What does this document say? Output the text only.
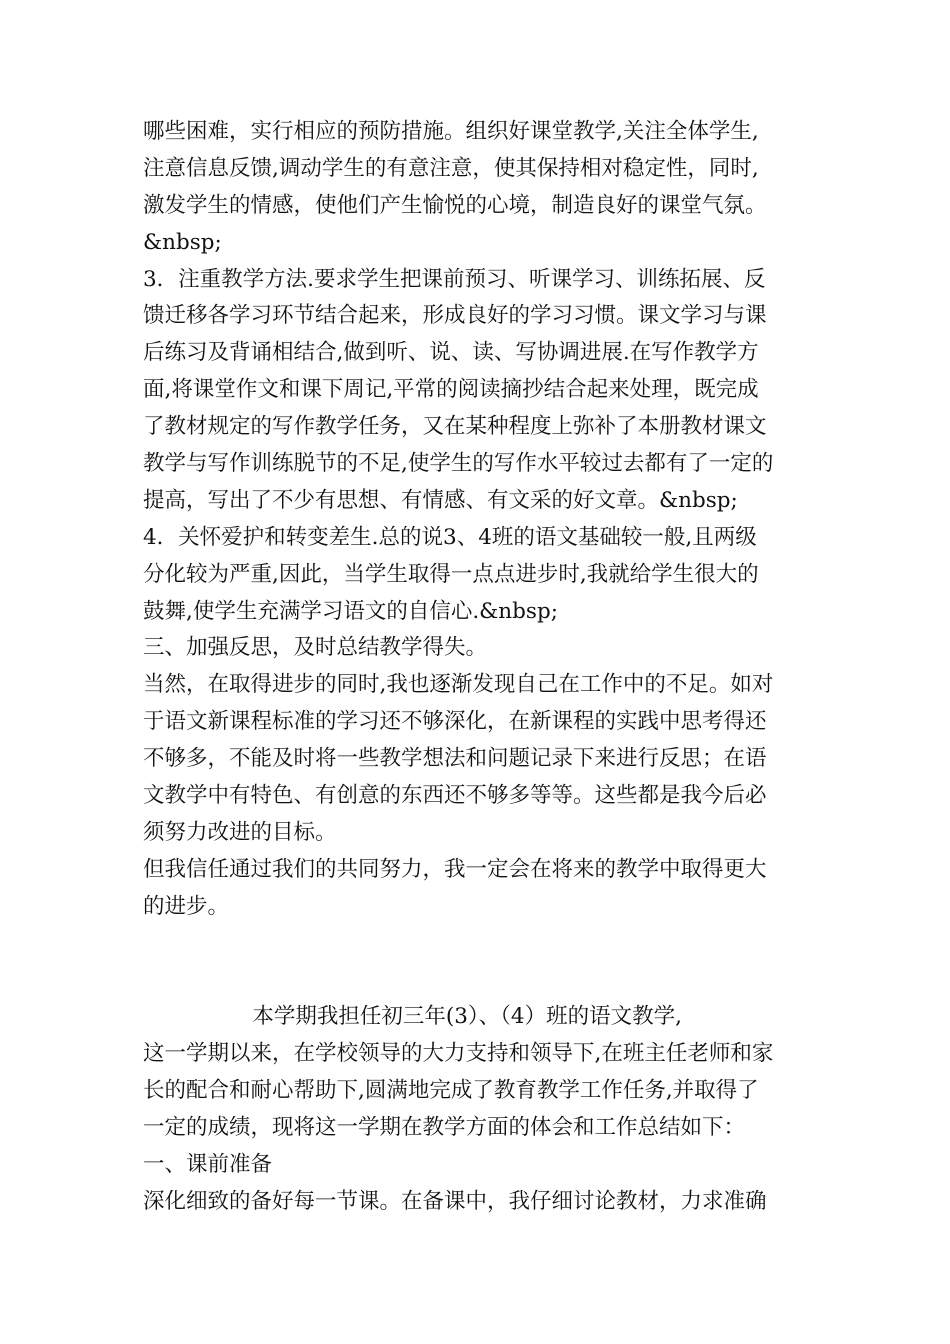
哪些困难，实行相应的预防措施。组织好课堂教学,关注全体学生,
注意信息反馈,调动学生的有意注意，使其保持相对稳定性，同时,
激发学生的情感，使他们产生愉悦的心境，制造良好的课堂气氛。
&nbsp;
3．注重教学方法.要求学生把课前预习、听课学习、训练拓展、反
馈迁移各学习环节结合起来，形成良好的学习习惯。课文学习与课
后练习及背诵相结合,做到听、说、读、写协调进展.在写作教学方
面,将课堂作文和课下周记,平常的阅读摘抄结合起来处理，既完成
了教材规定的写作教学任务，又在某种程度上弥补了本册教材课文
教学与写作训练脱节的不足,使学生的写作水平较过去都有了一定的
提高，写出了不少有思想、有情感、有文采的好文章。&nbsp;
4．关怀爱护和转变差生.总的说3、4班的语文基础较一般,且两级
分化较为严重,因此，当学生取得一点点进步时,我就给学生很大的
鼓舞,使学生充满学习语文的自信心.&nbsp;
三、加强反思，及时总结教学得失。
当然，在取得进步的同时,我也逐渐发现自己在工作中的不足。如对
于语文新课程标准的学习还不够深化，在新课程的实践中思考得还
不够多，不能及时将一些教学想法和问题记录下来进行反思；在语
文教学中有特色、有创意的东西还不够多等等。这些都是我今后必
须努力改进的目标。
但我信任通过我们的共同努力，我一定会在将来的教学中取得更大
的进步。
本学期我担任初三年(3）、（4）班的语文教学,
这一学期以来，在学校领导的大力支持和领导下,在班主任老师和家
长的配合和耐心帮助下,圆满地完成了教育教学工作任务,并取得了
一定的成绩，现将这一学期在教学方面的体会和工作总结如下：
一、课前准备
深化细致的备好每一节课。在备课中，我仔细讨论教材，力求准确
